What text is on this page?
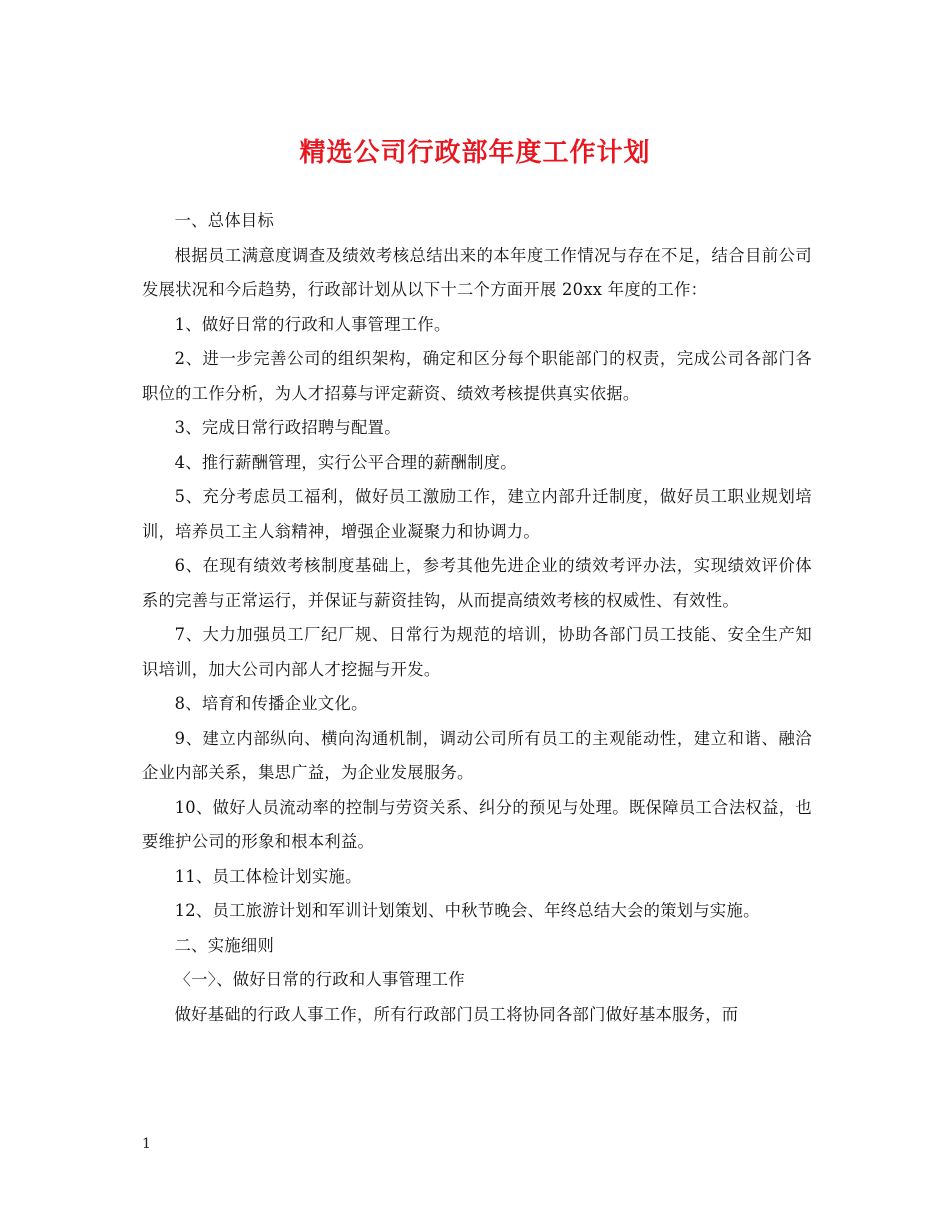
精选公司行政部年度工作计划

一、总体目标

根据员工满意度调查及绩效考核总结出来的本年度工作情况与存在不足，结合目前公司发展状况和今后趋势，行政部计划从以下十二个方面开展 20xx 年度的工作：

1、做好日常的行政和人事管理工作。

2、进一步完善公司的组织架构，确定和区分每个职能部门的权责，完成公司各部门各职位的工作分析，为人才招募与评定薪资、绩效考核提供真实依据。

3、完成日常行政招聘与配置。

4、推行薪酬管理，实行公平合理的薪酬制度。

5、充分考虑员工福利，做好员工激励工作，建立内部升迁制度，做好员工职业规划培训，培养员工主人翁精神，增强企业凝聚力和协调力。

6、在现有绩效考核制度基础上，参考其他先进企业的绩效考评办法，实现绩效评价体系的完善与正常运行，并保证与薪资挂钩，从而提高绩效考核的权威性、有效性。

7、大力加强员工厂纪厂规、日常行为规范的培训，协助各部门员工技能、安全生产知识培训，加大公司内部人才挖掘与开发。

8、培育和传播企业文化。

9、建立内部纵向、横向沟通机制，调动公司所有员工的主观能动性，建立和谐、融洽企业内部关系，集思广益，为企业发展服务。

10、做好人员流动率的控制与劳资关系、纠分的预见与处理。既保障员工合法权益，也要维护公司的形象和根本利益。

11、员工体检计划实施。

12、员工旅游计划和军训计划策划、中秋节晚会、年终总结大会的策划与实施。

二、实施细则

〈一〉、做好日常的行政和人事管理工作

做好基础的行政人事工作，所有行政部门员工将协同各部门做好基本服务，而

1
